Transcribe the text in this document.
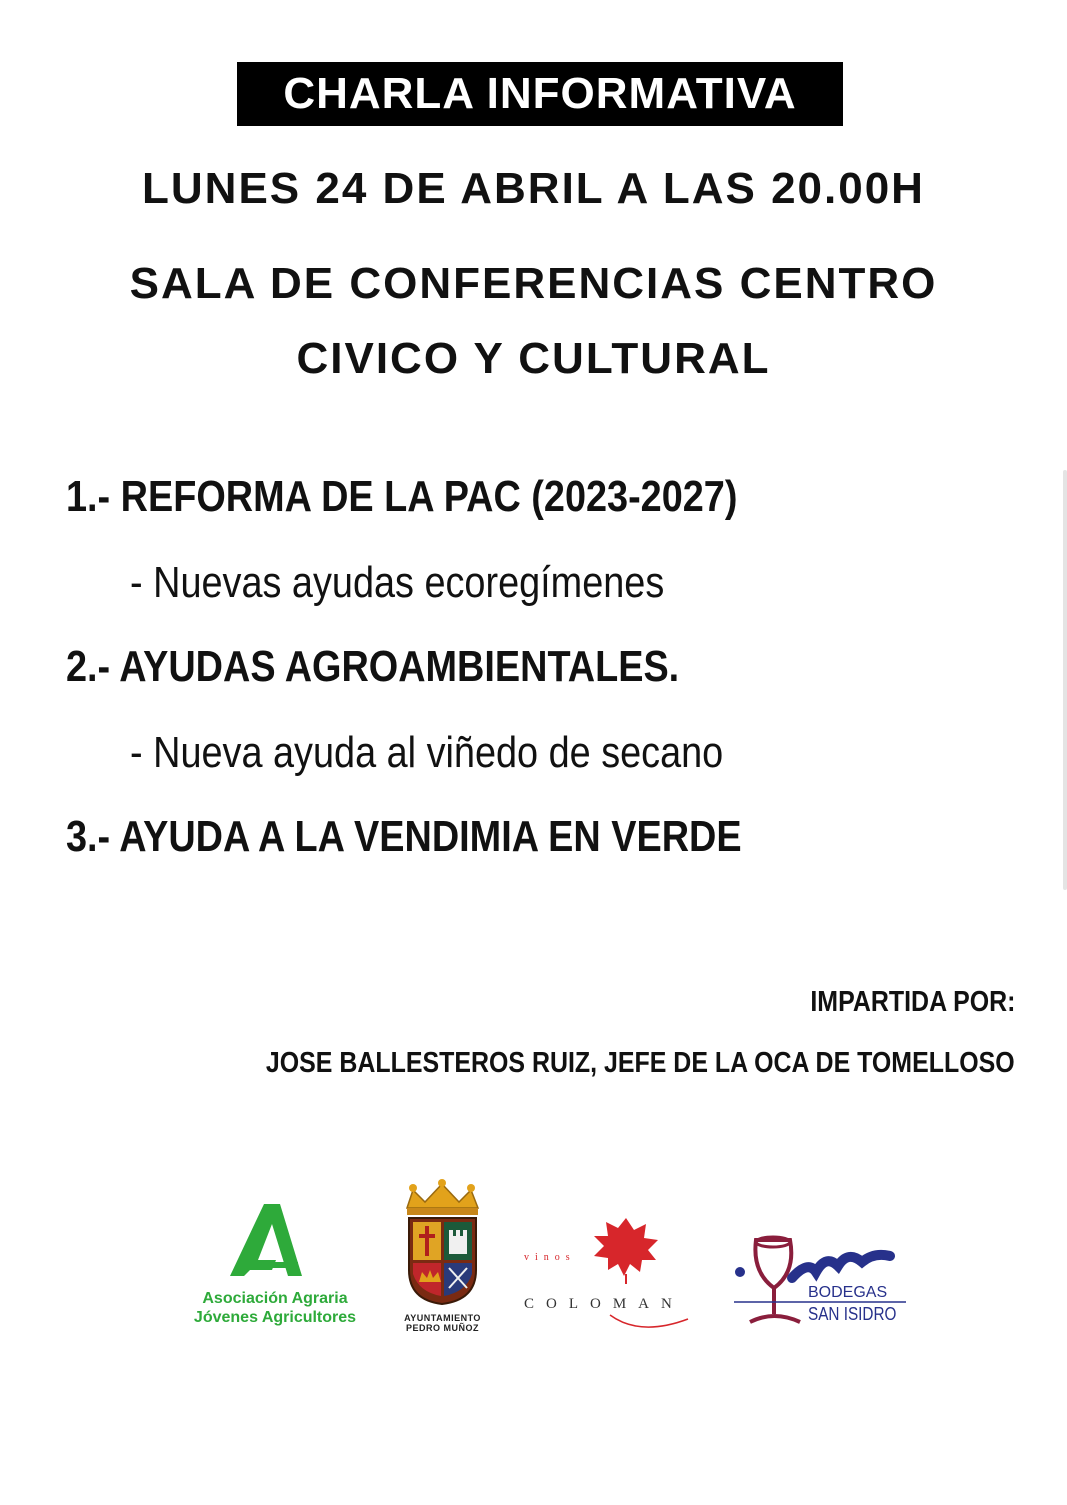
CHARLA INFORMATIVA
LUNES 24 DE ABRIL A LAS 20.00H
SALA DE CONFERENCIAS CENTRO
CIVICO Y CULTURAL
1.- REFORMA DE LA PAC (2023-2027)
- Nuevas ayudas ecoregímenes
2.- AYUDAS AGROAMBIENTALES.
- Nueva ayuda al viñedo de secano
3.- AYUDA A LA VENDIMIA EN VERDE
IMPARTIDA POR:
JOSE BALLESTEROS RUIZ, JEFE DE LA OCA DE TOMELLOSO
Asociación Agraria
Jóvenes Agricultores	AYUNTAMIENTO
PEDRO MUÑOZ
vinos
COLOMAN
BODEGAS
SAN ISIDRO
